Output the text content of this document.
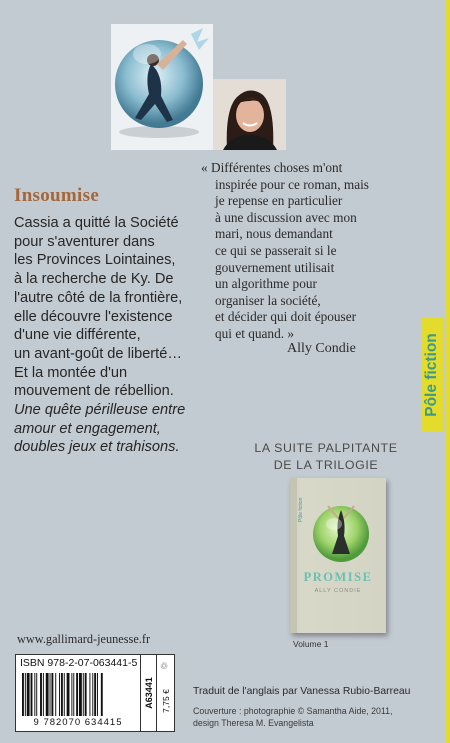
Insoumise

Cassia a quitté la Société

pour s'aventurer dans

les Provinces Lointaines,

à la recherche de Ky. De

l'autre côté de la frontière,

elle découvre l'existence

d'une vie différente,

un avant-goût de liberté…

Et la montée d'un

mouvement de rébellion.

Une quête périlleuse entre

amour et engagement,

doubles jeux et trahisons.

« Différentes choses m'ont
inspirée pour ce roman, mais
je repense en particulier
à une discussion avec mon
mari, nous demandant
ce qui se passerait si le
gouvernement utilisait
un algorithme pour
organiser la société,
et décider qui doit épouser
qui et quand. »
Ally Condie	Pôle fiction
LA SUITE PALPITANTE
DE LA TRILOGIE
Pôle fiction
PROMISE
ALLY CONDIE
Volume 1
www.gallimard-jeunesse.fr
ISBN 978-2-07-063441-5
9 782070 634415
A63441 7,75 €
♲
Traduit de l'anglais par Vanessa Rubio-Barreau
Couverture : photographie © Samantha Aide, 2011,
design Theresa M. Evangelista
